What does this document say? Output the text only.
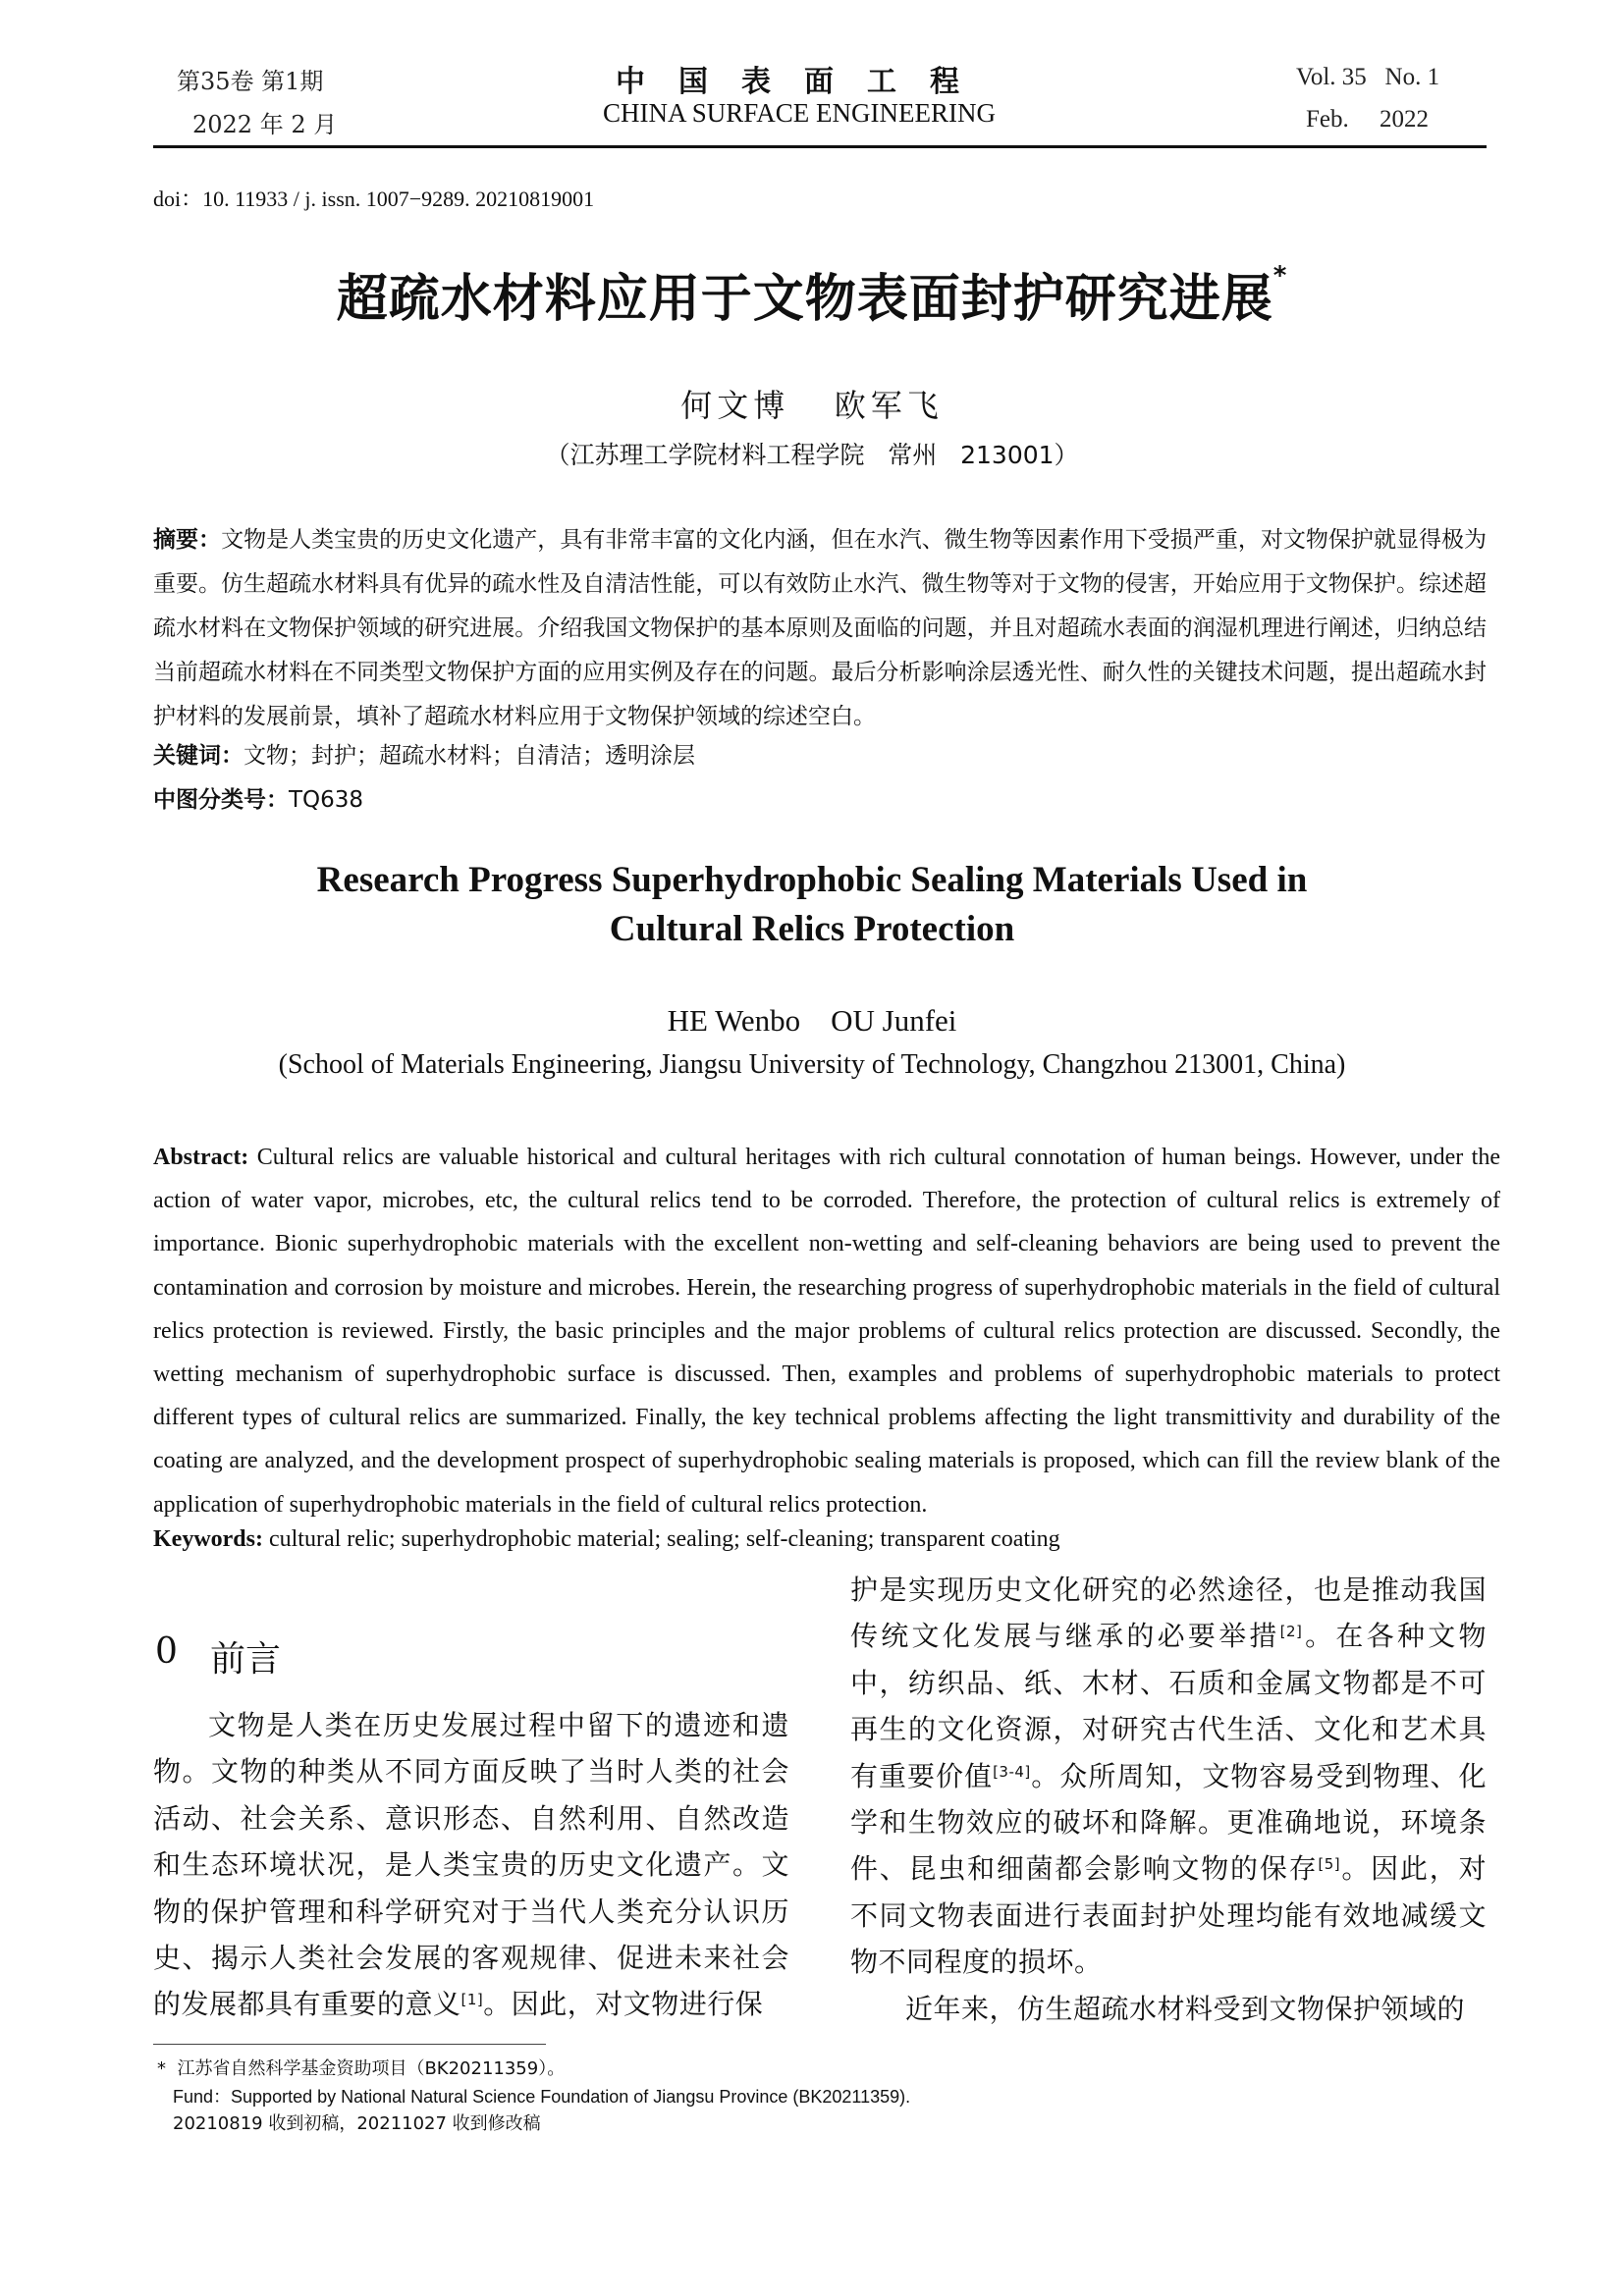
第35卷 第1期
2022 年 2 月
中国表面工程
CHINA SURFACE ENGINEERING
Vol. 35   No. 1
Feb.     2022
doi：10. 11933 / j. issn. 1007−9289. 20210819001
超疏水材料应用于文物表面封护研究进展*
何文博   欧军飞
（江苏理工学院材料工程学院   常州   213001）
摘要：文物是人类宝贵的历史文化遗产，具有非常丰富的文化内涵，但在水汽、微生物等因素作用下受损严重，对文物保护就显得极为重要。仿生超疏水材料具有优异的疏水性及自清洁性能，可以有效防止水汽、微生物等对于文物的侵害，开始应用于文物保护。综述超疏水材料在文物保护领域的研究进展。介绍我国文物保护的基本原则及面临的问题，并且对超疏水表面的润湿机理进行阐述，归纳总结当前超疏水材料在不同类型文物保护方面的应用实例及存在的问题。最后分析影响涂层透光性、耐久性的关键技术问题，提出超疏水封护材料的发展前景，填补了超疏水材料应用于文物保护领域的综述空白。
关键词：文物；封护；超疏水材料；自清洁；透明涂层
中图分类号：TQ638
Research Progress Superhydrophobic Sealing Materials Used in
Cultural Relics Protection
HE Wenbo    OU Junfei
(School of Materials Engineering, Jiangsu University of Technology, Changzhou 213001, China)
Abstract: Cultural relics are valuable historical and cultural heritages with rich cultural connotation of human beings. However, under the action of water vapor, microbes, etc, the cultural relics tend to be corroded. Therefore, the protection of cultural relics is extremely of importance. Bionic superhydrophobic materials with the excellent non-wetting and self-cleaning behaviors are being used to prevent the contamination and corrosion by moisture and microbes. Herein, the researching progress of superhydrophobic materials in the field of cultural relics protection is reviewed. Firstly, the basic principles and the major problems of cultural relics protection are discussed. Secondly, the wetting mechanism of superhydrophobic surface is discussed. Then, examples and problems of superhydrophobic materials to protect different types of cultural relics are summarized. Finally, the key technical problems affecting the light transmittivity and durability of the coating are analyzed, and the development prospect of superhydrophobic sealing materials is proposed, which can fill the review blank of the application of superhydrophobic materials in the field of cultural relics protection.
Keywords: cultural relic; superhydrophobic material; sealing; self-cleaning; transparent coating
0 前言
文物是人类在历史发展过程中留下的遗迹和遗物。文物的种类从不同方面反映了当时人类的社会活动、社会关系、意识形态、自然利用、自然改造和生态环境状况，是人类宝贵的历史文化遗产。文物的保护管理和科学研究对于当代人类充分认识历史、揭示人类社会发展的客观规律、促进未来社会的发展都具有重要的意义[1]。因此，对文物进行保
护是实现历史文化研究的必然途径，也是推动我国传统文化发展与继承的必要举措[2]。在各种文物中，纺织品、纸、木材、石质和金属文物都是不可再生的文化资源，对研究古代生活、文化和艺术具有重要价值[3-4]。众所周知，文物容易受到物理、化学和生物效应的破坏和降解。更准确地说，环境条件、昆虫和细菌都会影响文物的保存[5]。因此，对不同文物表面进行表面封护处理均能有效地减缓文物不同程度的损坏。
近年来，仿生超疏水材料受到文物保护领域的
*  江苏省自然科学基金资助项目（BK20211359）。
Fund：Supported by National Natural Science Foundation of Jiangsu Province (BK20211359).
20210819 收到初稿，20211027 收到修改稿
